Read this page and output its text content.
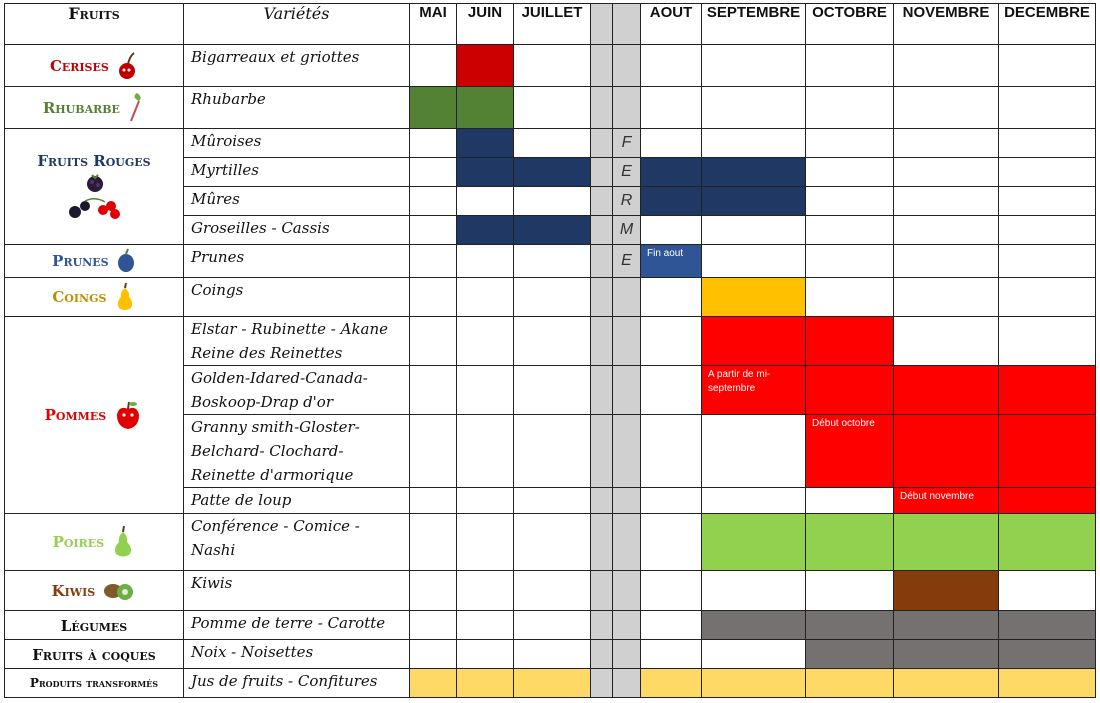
Fruits	Variétés	MAI	JUIN	JUILLET			AOUT	SEPTEMBRE	OCTOBRE	NOVEMBRE	DECEMBRE
Cerises	Bigarreaux et griottes										
Rhubarbe	Rhubarbe										
Fruits Rouges	Mûroises					F					
	Myrtilles					E					
	Mûres					R					
	Groseilles - Cassis					M					
Prunes	Prunes					E	Fin aout				

Coings	Coings										
Pommes	Elstar - Rubinette - Akane
Reine des Reinettes										
	Golden-Idared-Canada-
Boskoop-Drap d'or							A partir de mi-septembre			

	Granny smith-Gloster-
Belchard- Clochard-
Reinette d'armorique								Début octobre		

	Patte de loup									Début novembre	

Poires	Conférence - Comice -
Nashi										
Kiwis	Kiwis										
Légumes	Pomme de terre - Carotte										
Fruits à coques	Noix - Noisettes										
Produits transformés	Jus de fruits - Confitures										
